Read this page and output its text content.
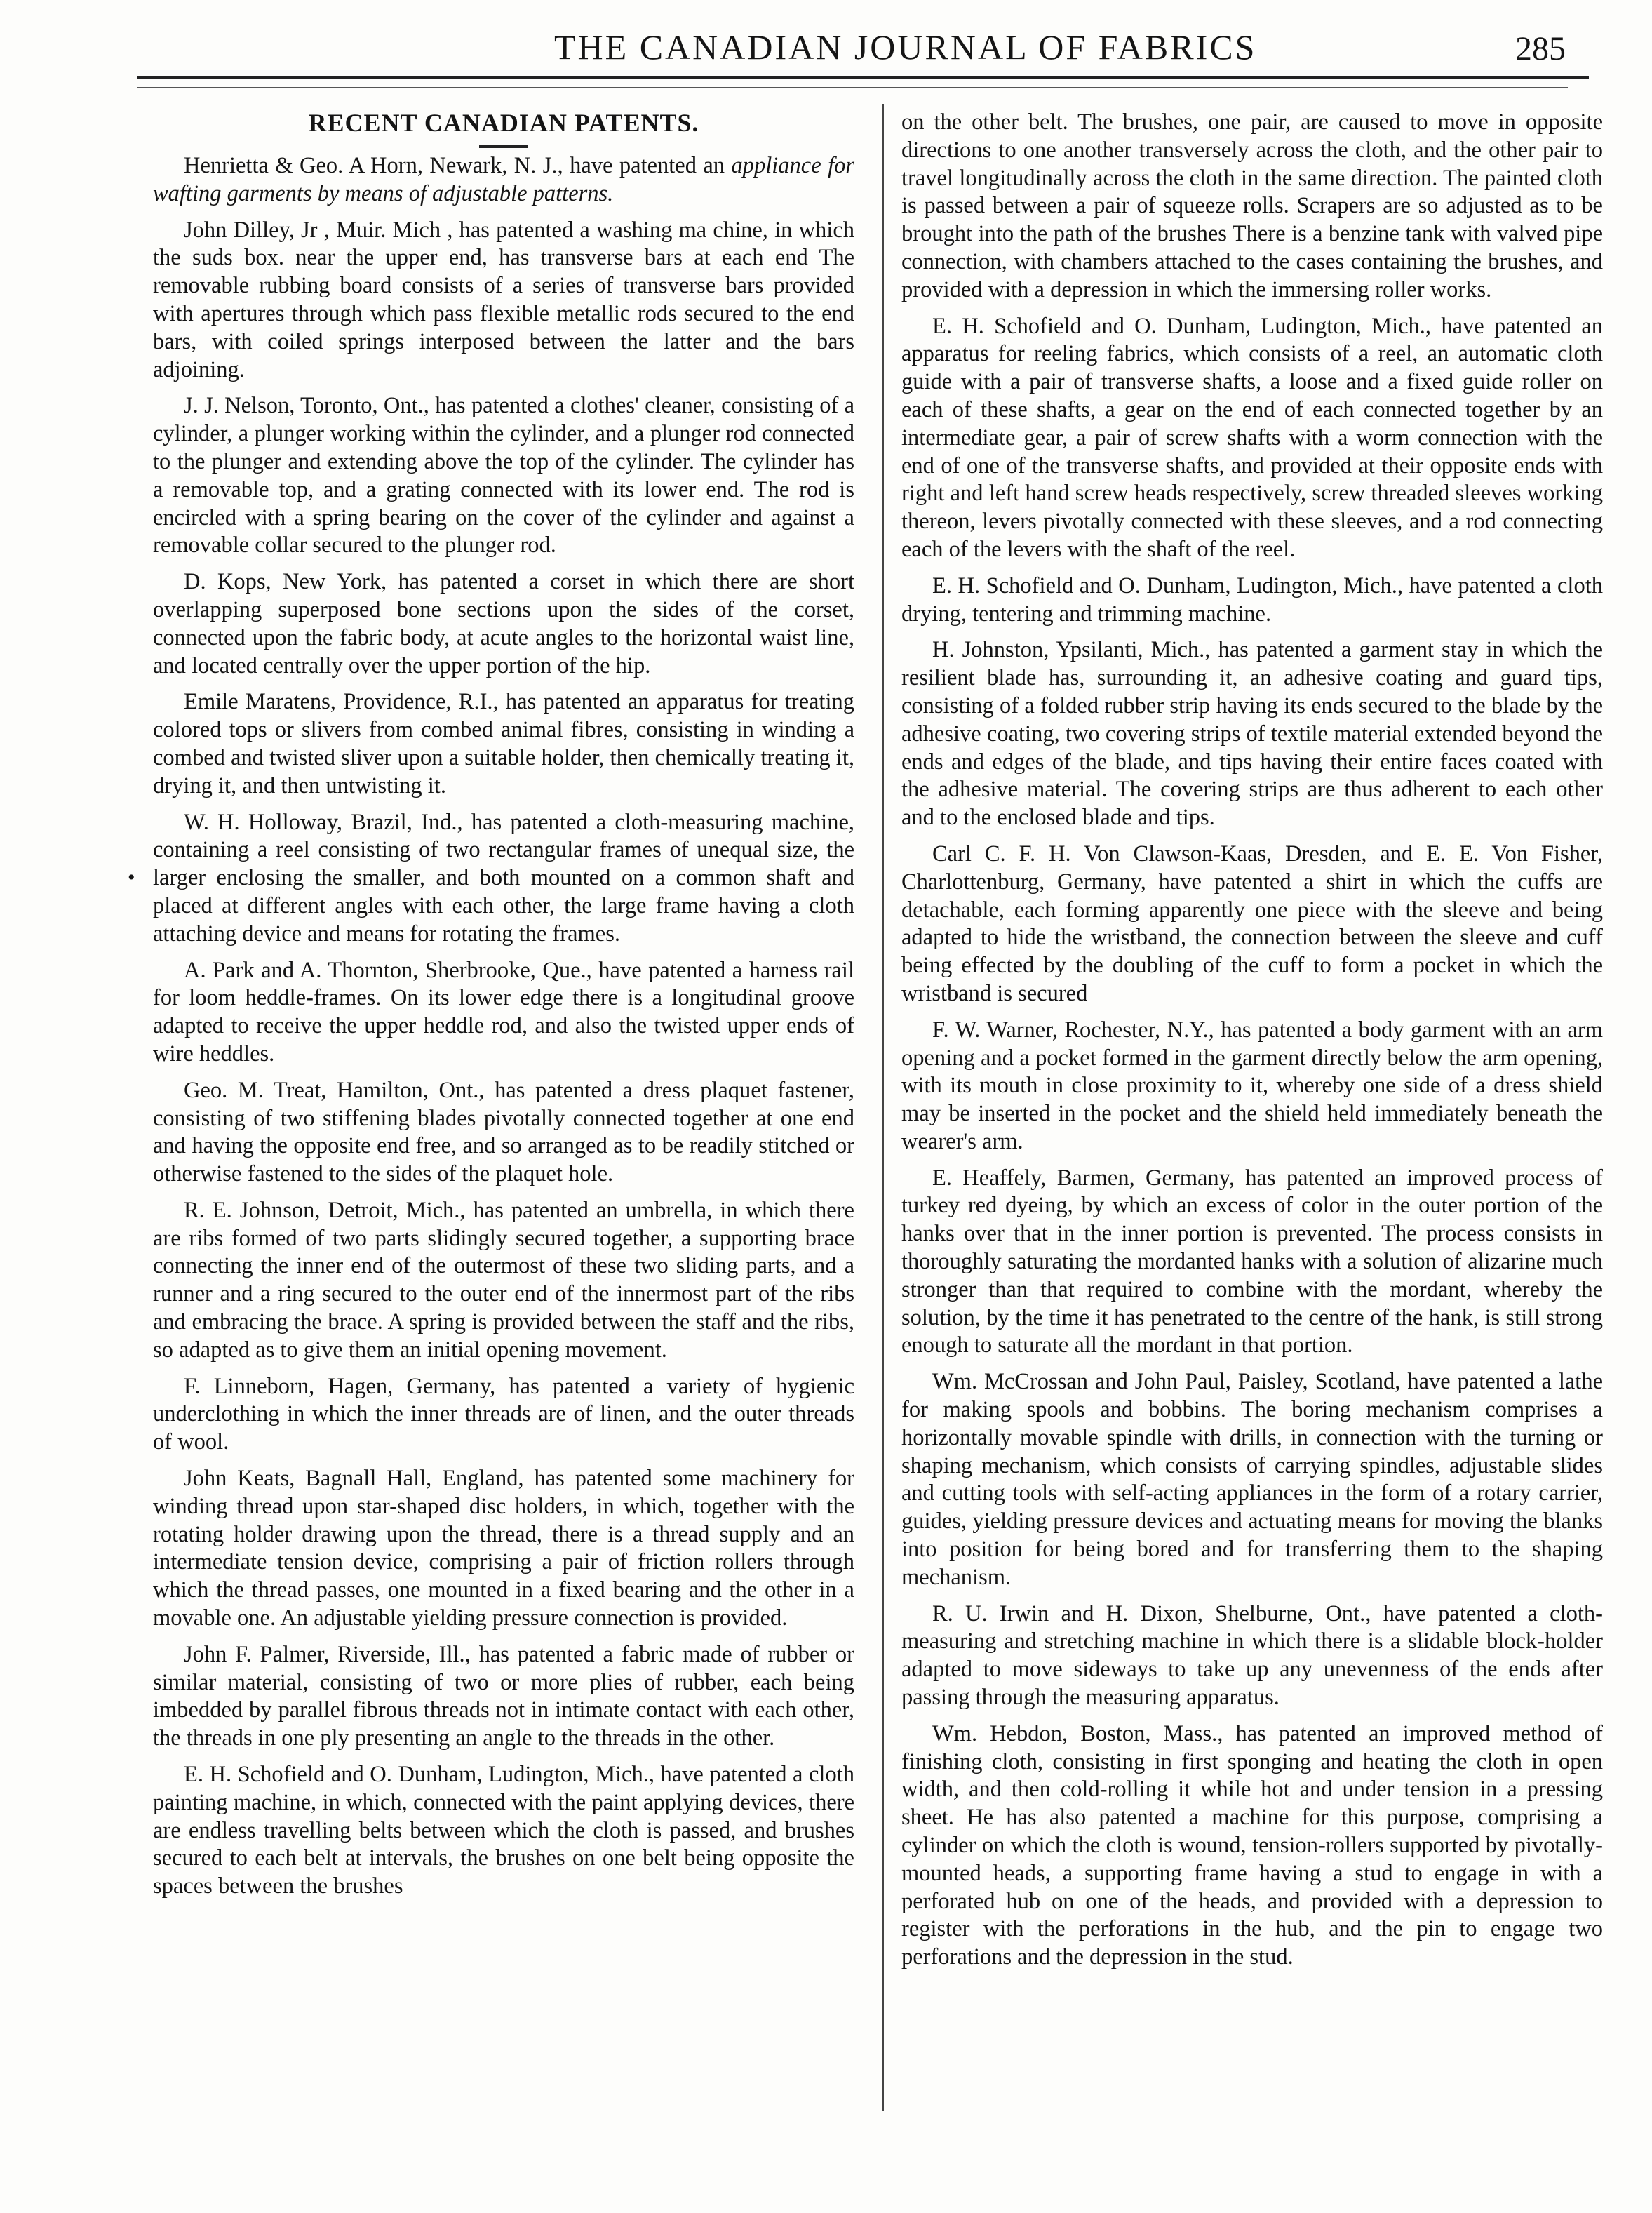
THE CANADIAN JOURNAL OF FABRICS	285
•
RECENT CANADIAN PATENTS.

Henrietta & Geo. A Horn, Newark, N. J., have patented an appliance for wafting garments by means of adjustable patterns.

John Dilley, Jr , Muir. Mich , has patented a washing ma chine, in which the suds box. near the upper end, has transverse bars at each end The removable rubbing board consists of a series of transverse bars provided with apertures through which pass flexible metallic rods secured to the end bars, with coiled springs interposed between the latter and the bars adjoining.

J. J. Nelson, Toronto, Ont., has patented a clothes' cleaner, consisting of a cylinder, a plunger working within the cylinder, and a plunger rod connected to the plunger and extending above the top of the cylinder. The cylinder has a removable top, and a grating connected with its lower end. The rod is encircled with a spring bearing on the cover of the cylinder and against a removable collar secured to the plunger rod.

D. Kops, New York, has patented a corset in which there are short overlapping superposed bone sections upon the sides of the corset, connected upon the fabric body, at acute angles to the horizontal waist line, and located centrally over the upper portion of the hip.

Emile Maratens, Providence, R.I., has patented an apparatus for treating colored tops or slivers from combed animal fibres, consisting in winding a combed and twisted sliver upon a suitable holder, then chemically treating it, drying it, and then untwisting it.

W. H. Holloway, Brazil, Ind., has patented a cloth-measuring machine, containing a reel consisting of two rectangular frames of unequal size, the larger enclosing the smaller, and both mounted on a common shaft and placed at different angles with each other, the large frame having a cloth attaching device and means for rotating the frames.

A. Park and A. Thornton, Sherbrooke, Que., have patented a harness rail for loom heddle-frames. On its lower edge there is a longitudinal groove adapted to receive the upper heddle rod, and also the twisted upper ends of wire heddles.

Geo. M. Treat, Hamilton, Ont., has patented a dress plaquet fastener, consisting of two stiffening blades pivotally connected together at one end and having the opposite end free, and so arranged as to be readily stitched or otherwise fastened to the sides of the plaquet hole.

R. E. Johnson, Detroit, Mich., has patented an umbrella, in which there are ribs formed of two parts slidingly secured together, a supporting brace connecting the inner end of the outermost of these two sliding parts, and a runner and a ring secured to the outer end of the innermost part of the ribs and embracing the brace. A spring is provided between the staff and the ribs, so adapted as to give them an initial opening movement.

F. Linneborn, Hagen, Germany, has patented a variety of hygienic underclothing in which the inner threads are of linen, and the outer threads of wool.

John Keats, Bagnall Hall, England, has patented some machinery for winding thread upon star-shaped disc holders, in which, together with the rotating holder drawing upon the thread, there is a thread supply and an intermediate tension device, comprising a pair of friction rollers through which the thread passes, one mounted in a fixed bearing and the other in a movable one. An adjustable yielding pressure connection is provided.

John F. Palmer, Riverside, Ill., has patented a fabric made of rubber or similar material, consisting of two or more plies of rubber, each being imbedded by parallel fibrous threads not in intimate contact with each other, the threads in one ply presenting an angle to the threads in the other.

E. H. Schofield and O. Dunham, Ludington, Mich., have patented a cloth painting machine, in which, connected with the paint applying devices, there are endless travelling belts between which the cloth is passed, and brushes secured to each belt at intervals, the brushes on one belt being opposite the spaces between the brushes

on the other belt. The brushes, one pair, are caused to move in opposite directions to one another transversely across the cloth, and the other pair to travel longitudinally across the cloth in the same direction. The painted cloth is passed between a pair of squeeze rolls. Scrapers are so adjusted as to be brought into the path of the brushes There is a benzine tank with valved pipe connection, with chambers attached to the cases containing the brushes, and provided with a depression in which the immersing roller works.

E. H. Schofield and O. Dunham, Ludington, Mich., have patented an apparatus for reeling fabrics, which consists of a reel, an automatic cloth guide with a pair of transverse shafts, a loose and a fixed guide roller on each of these shafts, a gear on the end of each connected together by an intermediate gear, a pair of screw shafts with a worm connection with the end of one of the transverse shafts, and provided at their opposite ends with right and left hand screw heads respectively, screw threaded sleeves working thereon, levers pivotally connected with these sleeves, and a rod connecting each of the levers with the shaft of the reel.

E. H. Schofield and O. Dunham, Ludington, Mich., have patented a cloth drying, tentering and trimming machine.

H. Johnston, Ypsilanti, Mich., has patented a garment stay in which the resilient blade has, surrounding it, an adhesive coating and guard tips, consisting of a folded rubber strip having its ends secured to the blade by the adhesive coating, two covering strips of textile material extended beyond the ends and edges of the blade, and tips having their entire faces coated with the adhesive material. The covering strips are thus adherent to each other and to the enclosed blade and tips.

Carl C. F. H. Von Clawson-Kaas, Dresden, and E. E. Von Fisher, Charlottenburg, Germany, have patented a shirt in which the cuffs are detachable, each forming apparently one piece with the sleeve and being adapted to hide the wristband, the connection between the sleeve and cuff being effected by the doubling of the cuff to form a pocket in which the wristband is secured

F. W. Warner, Rochester, N.Y., has patented a body garment with an arm opening and a pocket formed in the garment directly below the arm opening, with its mouth in close proximity to it, whereby one side of a dress shield may be inserted in the pocket and the shield held immediately beneath the wearer's arm.

E. Heaffely, Barmen, Germany, has patented an improved process of turkey red dyeing, by which an excess of color in the outer portion of the hanks over that in the inner portion is prevented. The process consists in thoroughly saturating the mordanted hanks with a solution of alizarine much stronger than that required to combine with the mordant, whereby the solution, by the time it has penetrated to the centre of the hank, is still strong enough to saturate all the mordant in that portion.

Wm. McCrossan and John Paul, Paisley, Scotland, have patented a lathe for making spools and bobbins. The boring mechanism comprises a horizontally movable spindle with drills, in connection with the turning or shaping mechanism, which consists of carrying spindles, adjustable slides and cutting tools with self-acting appliances in the form of a rotary carrier, guides, yielding pressure devices and actuating means for moving the blanks into position for being bored and for transferring them to the shaping mechanism.

R. U. Irwin and H. Dixon, Shelburne, Ont., have patented a cloth-measuring and stretching machine in which there is a slidable block-holder adapted to move sideways to take up any unevenness of the ends after passing through the measuring apparatus.

Wm. Hebdon, Boston, Mass., has patented an improved method of finishing cloth, consisting in first sponging and heating the cloth in open width, and then cold-rolling it while hot and under tension in a pressing sheet. He has also patented a machine for this purpose, comprising a cylinder on which the cloth is wound, tension-rollers supported by pivotally-mounted heads, a supporting frame having a stud to engage in with a perforated hub on one of the heads, and provided with a depression to register with the perforations in the hub, and the pin to engage two perforations and the depression in the stud.
